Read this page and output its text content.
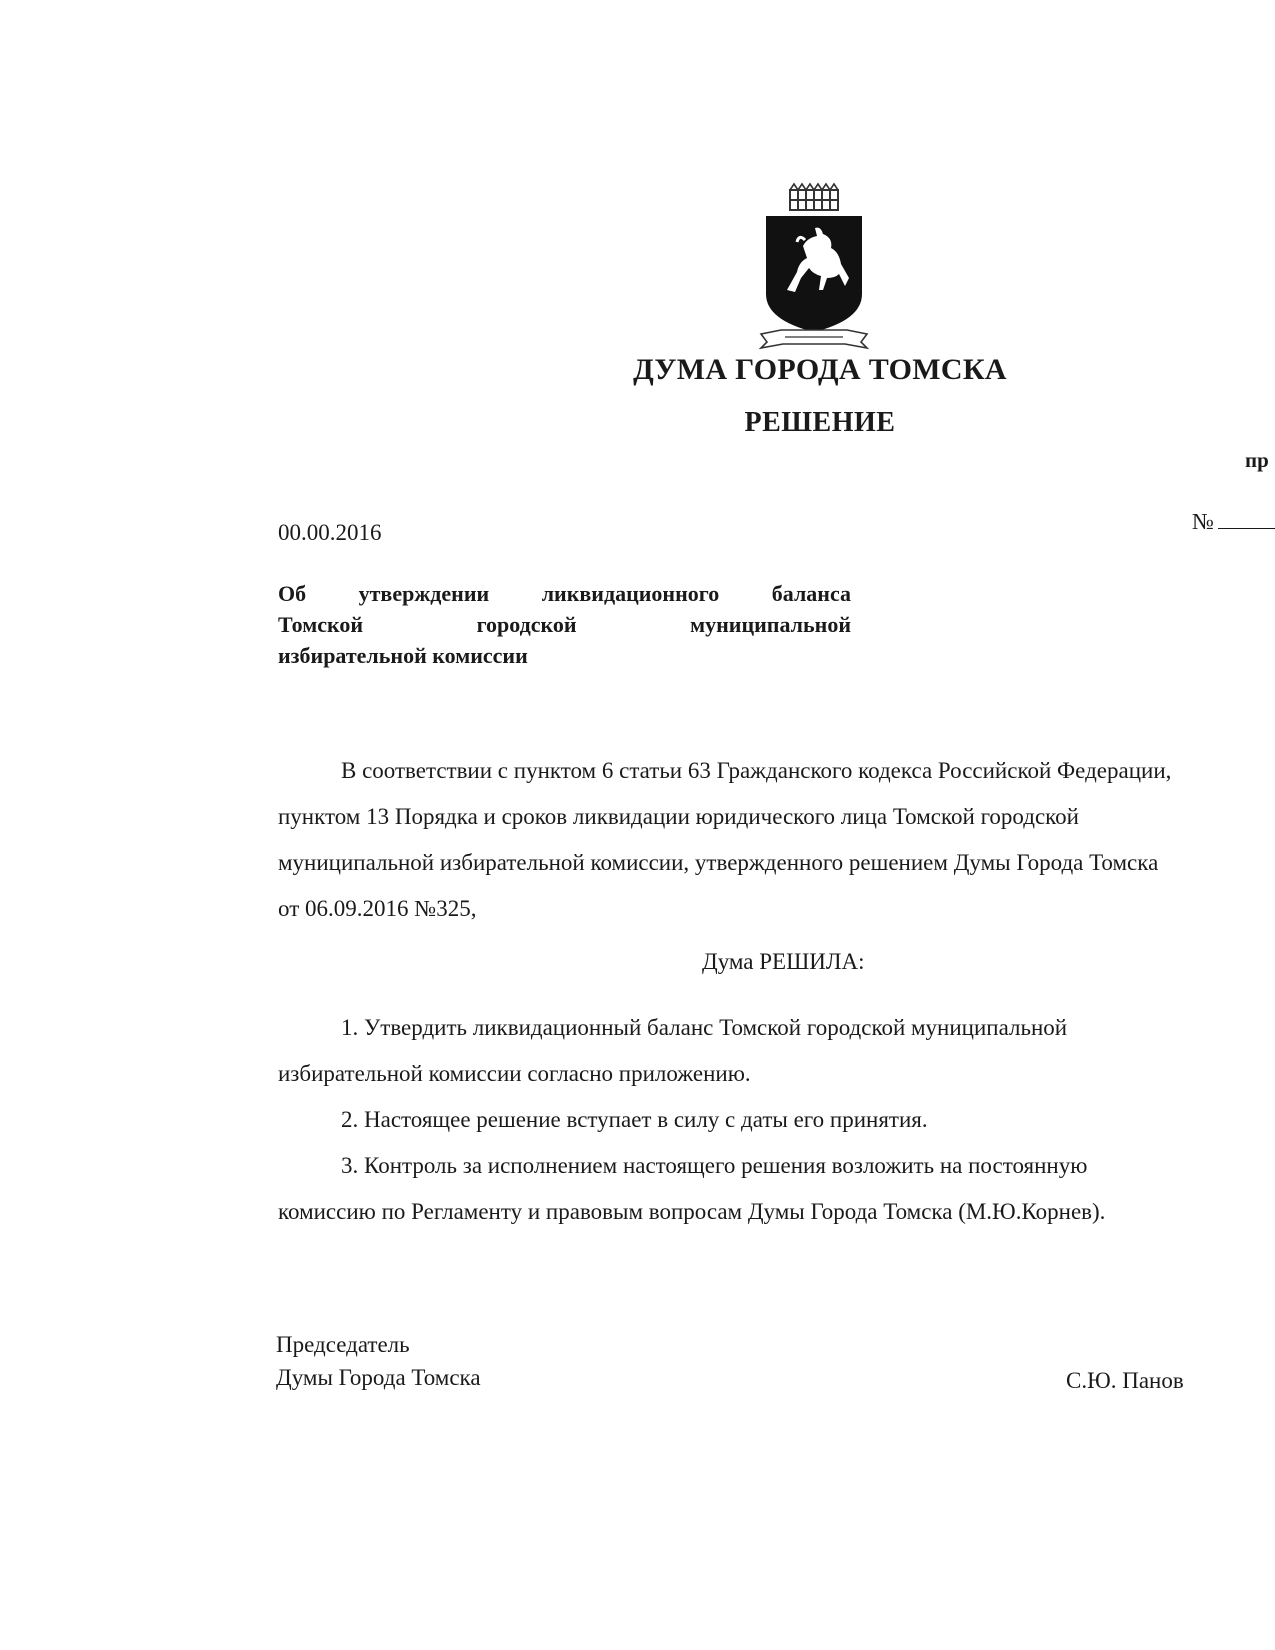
ДУМА ГОРОДА ТОМСКА
РЕШЕНИЕ
пр
00.00.2016	№
Об утверждении ликвидационного баланса
Томской городской муниципальной
избирательной комиссии
В соответствии с пунктом 6 статьи 63 Гражданского кодекса Российской Федерации,
пунктом 13 Порядка и сроков ликвидации юридического лица Томской городской
муниципальной избирательной комиссии, утвержденного решением Думы Города Томска
от 06.09.2016 №325,
Дума РЕШИЛА:
1. Утвердить ликвидационный баланс Томской городской муниципальной
избирательной комиссии согласно приложению.
2. Настоящее решение вступает в силу с даты его принятия.
3. Контроль за исполнением настоящего решения возложить на постоянную
комиссию по Регламенту и правовым вопросам Думы Города Томска (М.Ю.Корнев).
Председатель
Думы Города Томска	С.Ю. Панов
